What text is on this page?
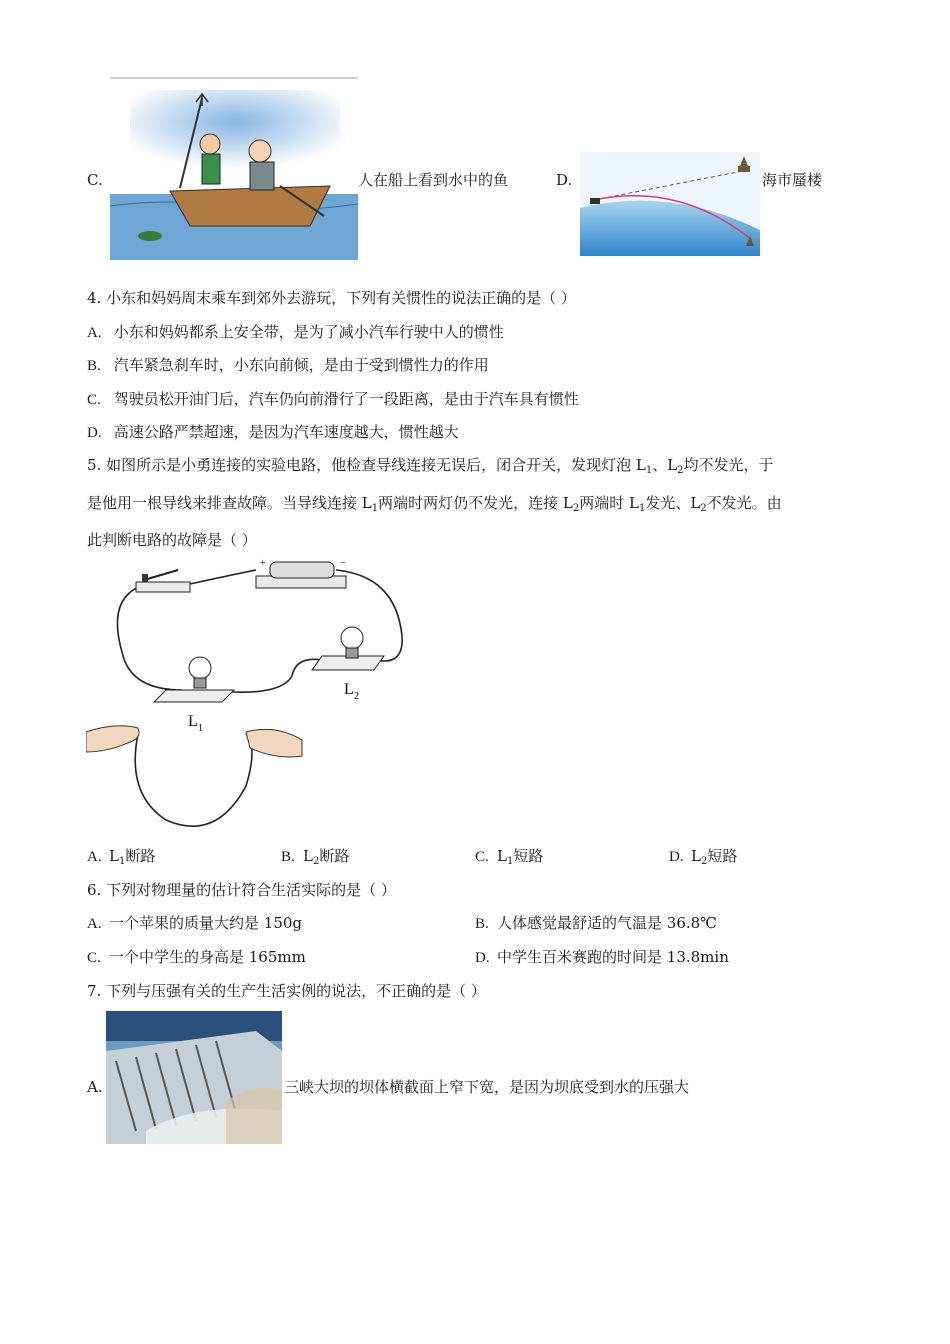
C.	人在船上看到水中的鱼	D.	海市蜃楼
4. 小东和妈妈周末乘车到郊外去游玩，下列有关惯性的说法正确的是（ ）
A. 小东和妈妈都系上安全带，是为了减小汽车行驶中人的惯性
B. 汽车紧急刹车时，小东向前倾，是由于受到惯性力的作用
C. 驾驶员松开油门后，汽车仍向前滑行了一段距离，是由于汽车具有惯性
D. 高速公路严禁超速，是因为汽车速度越大，惯性越大
5. 如图所示是小勇连接的实验电路，他检查导线连接无误后，闭合开关，发现灯泡 $L_1$、$L_2$均不发光，于
是他用一根导线来排查故障。当导线连接 $L_1$两端时两灯仍不发光，连接 $L_2$两端时 $L_1$发光、$L_2$不发光。由
此判断电路的故障是（ ）
+	−
L 1
L 2
A. $L_1$断路	B. $L_2$断路	C. $L_1$短路	D. $L_2$短路
6. 下列对物理量的估计符合生活实际的是（ ）
A. 一个苹果的质量大约是 150g	B. 人体感觉最舒适的气温是 36.8℃
C. 一个中学生的身高是 165mm	D. 中学生百米赛跑的时间是 13.8min
7. 下列与压强有关的生产生活实例的说法，不正确的是（ ）
A.	三峡大坝的坝体横截面上窄下宽，是因为坝底受到水的压强大
